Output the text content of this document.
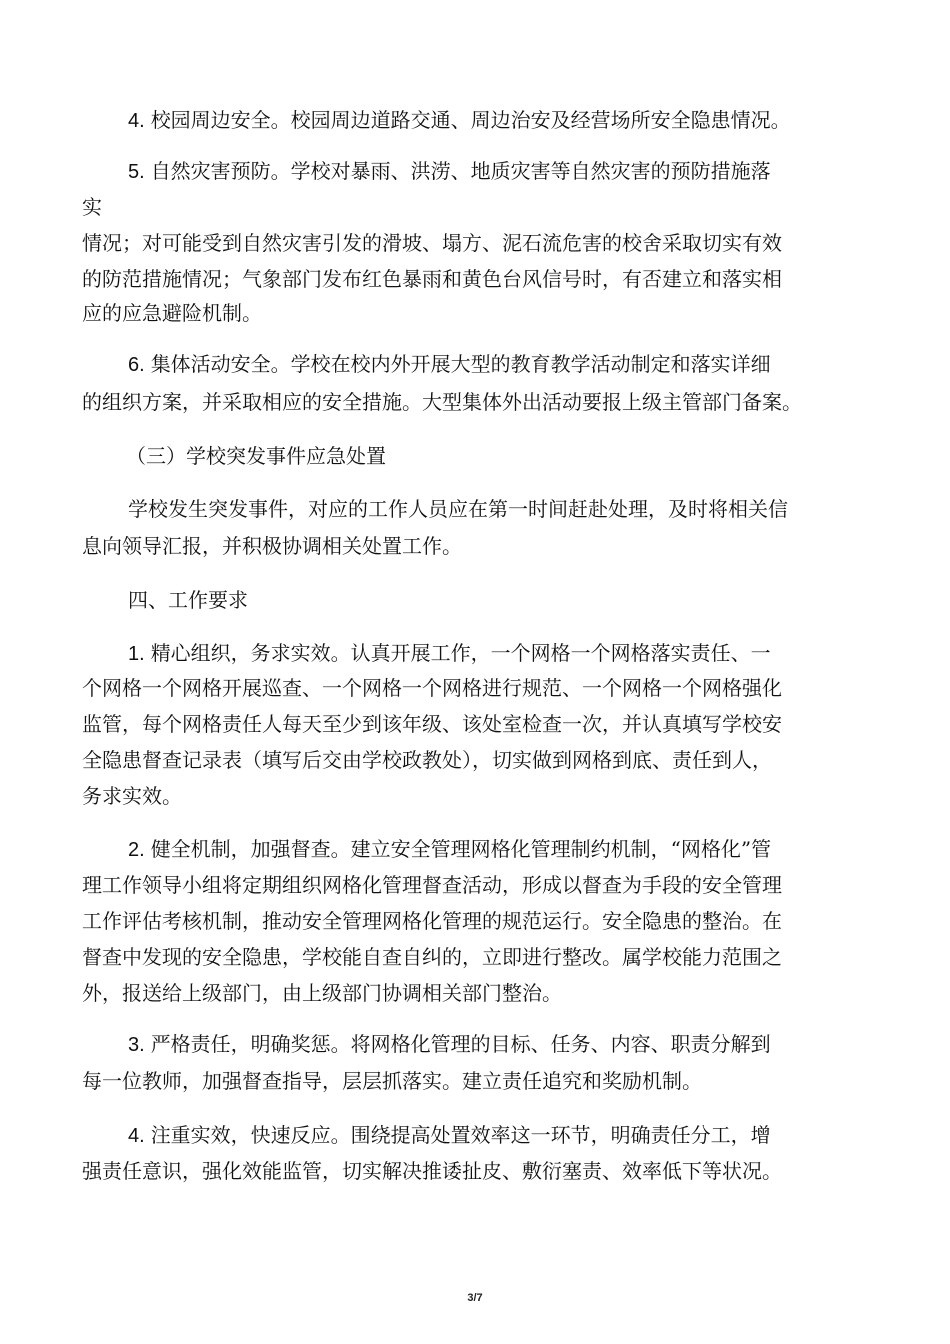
4. 校园周边安全。校园周边道路交通、周边治安及经营场所安全隐患情况。
5. 自然灾害预防。学校对暴雨、洪涝、地质灾害等自然灾害的预防措施落
实
情况；对可能受到自然灾害引发的滑坡、塌方、泥石流危害的校舍采取切实有效
的防范措施情况；气象部门发布红色暴雨和黄色台风信号时，有否建立和落实相
应的应急避险机制。
6. 集体活动安全。学校在校内外开展大型的教育教学活动制定和落实详细
的组织方案，并采取相应的安全措施。大型集体外出活动要报上级主管部门备案。
（三）学校突发事件应急处置
学校发生突发事件，对应的工作人员应在第一时间赶赴处理，及时将相关信
息向领导汇报，并积极协调相关处置工作。
四、工作要求
1. 精心组织，务求实效。认真开展工作，一个网格一个网格落实责任、一
个网格一个网格开展巡查、一个网格一个网格进行规范、一个网格一个网格强化
监管，每个网格责任人每天至少到该年级、该处室检查一次，并认真填写学校安
全隐患督查记录表（填写后交由学校政教处），切实做到网格到底、责任到人，
务求实效。
2. 健全机制，加强督查。建立安全管理网格化管理制约机制，“网格化”管
理工作领导小组将定期组织网格化管理督查活动，形成以督查为手段的安全管理
工作评估考核机制，推动安全管理网格化管理的规范运行。安全隐患的整治。在
督查中发现的安全隐患，学校能自查自纠的，立即进行整改。属学校能力范围之
外，报送给上级部门，由上级部门协调相关部门整治。
3. 严格责任，明确奖惩。将网格化管理的目标、任务、内容、职责分解到
每一位教师，加强督查指导，层层抓落实。建立责任追究和奖励机制。
4. 注重实效，快速反应。围绕提高处置效率这一环节，明确责任分工，增
强责任意识，强化效能监管，切实解决推诿扯皮、敷衍塞责、效率低下等状况。
3/7
